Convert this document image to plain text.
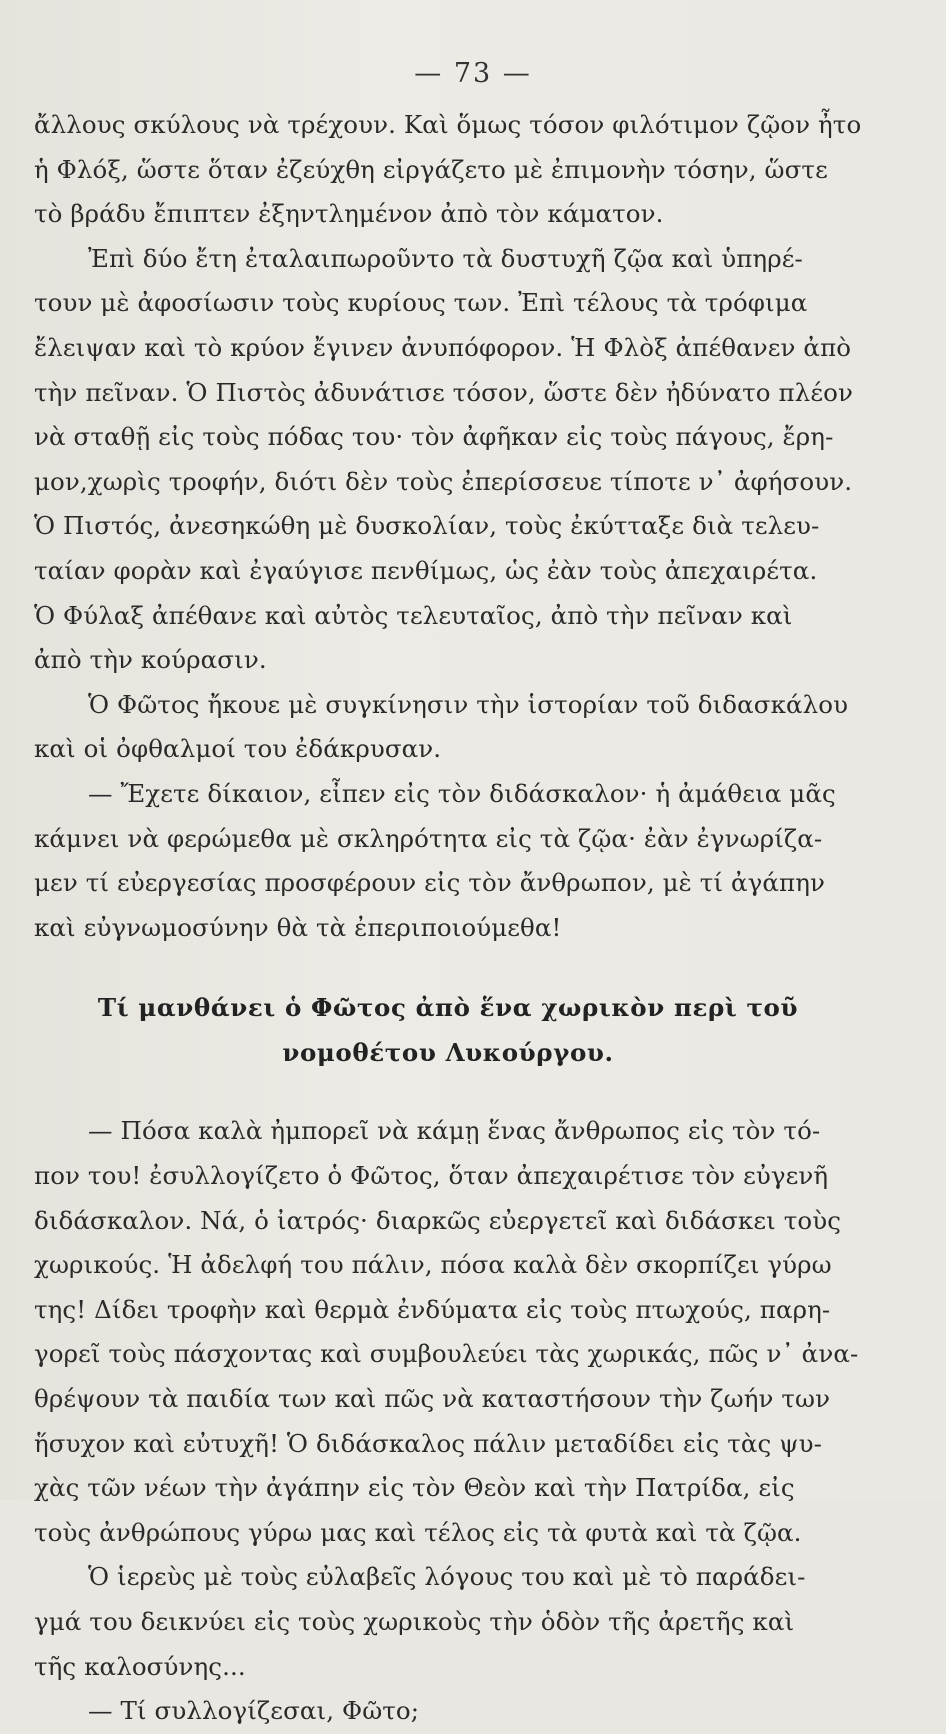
— 73 —
ἄλλους σκύλους νὰ τρέχουν. Καὶ ὅμως τόσον φιλότιμον ζῷον ἦτο
ἡ Φλόξ, ὥστε ὅταν ἐζεύχθη εἰργάζετο μὲ ἐπιμονὴν τόσην, ὥστε
τὸ βράδυ ἔπιπτεν ἐξηντλημένον ἀπὸ τὸν κάματον.
Ἐπὶ δύο ἔτη ἐταλαιπωροῦντο τὰ δυστυχῆ ζῷα καὶ ὑπηρέ-
τουν μὲ ἀφοσίωσιν τοὺς κυρίους των. Ἐπὶ τέλους τὰ τρόφιμα
ἔλειψαν καὶ τὸ κρύον ἔγινεν ἀνυπόφορον. Ἡ Φλὸξ ἀπέθανεν ἀπὸ
τὴν πεῖναν. Ὁ Πιστὸς ἀδυνάτισε τόσον, ὥστε δὲν ἠδύνατο πλέον
νὰ σταθῇ εἰς τοὺς πόδας του· τὸν ἀφῆκαν εἰς τοὺς πάγους, ἔρη-
μον,χωρὶς τροφήν, διότι δὲν τοὺς ἐπερίσσευε τίποτε ν᾽ ἀφήσουν.
Ὁ Πιστός, ἀνεσηκώθη μὲ δυσκολίαν, τοὺς ἐκύτταξε διὰ τελευ-
ταίαν φορὰν καὶ ἐγαύγισε πενθίμως, ὡς ἐὰν τοὺς ἀπεχαιρέτα.
Ὁ Φύλαξ ἀπέθανε καὶ αὐτὸς τελευταῖος, ἀπὸ τὴν πεῖναν καὶ
ἀπὸ τὴν κούρασιν.
Ὁ Φῶτος ἤκουε μὲ συγκίνησιν τὴν ἱστορίαν τοῦ διδασκάλου
καὶ οἱ ὀφθαλμοί του ἐδάκρυσαν.
— Ἔχετε δίκαιον, εἶπεν εἰς τὸν διδάσκαλον· ἡ ἀμάθεια μᾶς
κάμνει νὰ φερώμεθα μὲ σκληρότητα εἰς τὰ ζῷα· ἐὰν ἐγνωρίζα-
μεν τί εὐεργεσίας προσφέρουν εἰς τὸν ἄνθρωπον, μὲ τί ἀγάπην
καὶ εὐγνωμοσύνην θὰ τὰ ἐπεριποιούμεθα!
Τί μανθάνει ὁ Φῶτος ἀπὸ ἕνα χωρικὸν περὶ τοῦ
νομοθέτου Λυκούργου.
— Πόσα καλὰ ἠμπορεῖ νὰ κάμῃ ἕνας ἄνθρωπος εἰς τὸν τό-
πον του! ἐσυλλογίζετο ὁ Φῶτος, ὅταν ἀπεχαιρέτισε τὸν εὐγενῆ
διδάσκαλον. Νά, ὁ ἰατρός· διαρκῶς εὐεργετεῖ καὶ διδάσκει τοὺς
χωρικούς. Ἡ ἀδελφή του πάλιν, πόσα καλὰ δὲν σκορπίζει γύρω
της! Δίδει τροφὴν καὶ θερμὰ ἐνδύματα εἰς τοὺς πτωχούς, παρη-
γορεῖ τοὺς πάσχοντας καὶ συμβουλεύει τὰς χωρικάς, πῶς ν᾽ ἀνα-
θρέψουν τὰ παιδία των καὶ πῶς νὰ καταστήσουν τὴν ζωήν των
ἥσυχον καὶ εὐτυχῆ! Ὁ διδάσκαλος πάλιν μεταδίδει εἰς τὰς ψυ-
χὰς τῶν νέων τὴν ἀγάπην εἰς τὸν Θεὸν καὶ τὴν Πατρίδα, εἰς
τοὺς ἀνθρώπους γύρω μας καὶ τέλος εἰς τὰ φυτὰ καὶ τὰ ζῷα.
Ὁ ἱερεὺς μὲ τοὺς εὐλαβεῖς λόγους του καὶ μὲ τὸ παράδει-
γμά του δεικνύει εἰς τοὺς χωρικοὺς τὴν ὁδὸν τῆς ἀρετῆς καὶ
τῆς καλοσύνης...
— Τί συλλογίζεσαι, Φῶτο;
